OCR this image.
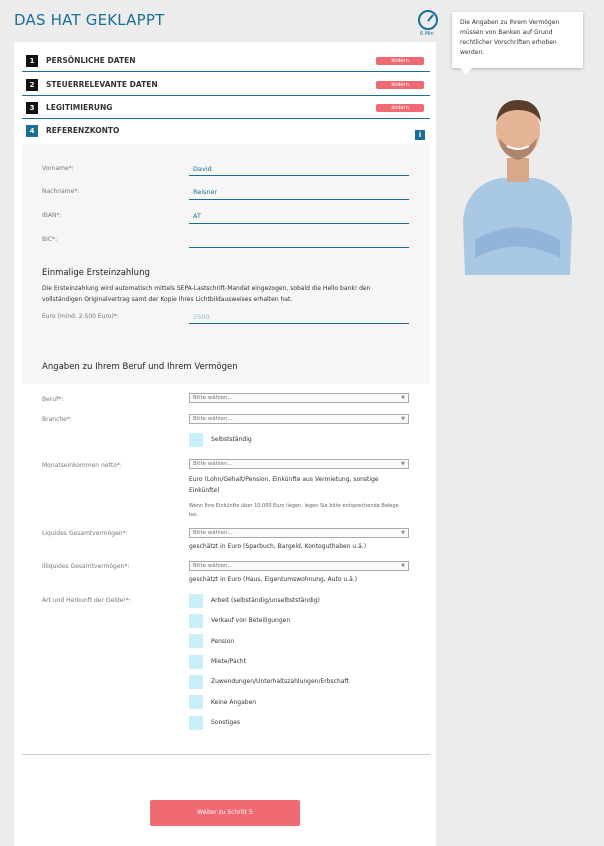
DAS HAT GEKLAPPT
6 Min
1	PERSÖNLICHE DATEN	ändern
2	STEUERRELEVANTE DATEN	ändern
3	LEGITIMIERUNG	ändern
4	REFERENZKONTO	i
Vorname*:	David
Nachname*:	Reisner
IBAN*:	AT
BIC*:
Einmalige Ersteinzahlung
Die Ersteinzahlung wird automatisch mittels SEPA-Lastschrift-Mandat eingezogen, sobald die Hello bank! den
vollständigen Originalvertrag samt der Kopie Ihres Lichtbildausweises erhalten hat.
Euro (mind. 2.500 Euro)*:	2500
Angaben zu Ihrem Beruf und Ihrem Vermögen
Beruf*:	Bitte wählen...	▼
Branche*:	Bitte wählen...	▼
Selbstständig
Monatseinkommen netto*:	Bitte wählen...	▼
Euro (Lohn/Gehalt/Pension, Einkünfte aus Vermietung, sonstige
Einkünfte)
Wenn Ihre Einkünfte über 10.000 Euro liegen, legen Sie bitte entsprechende Belege
bei.
Liquides Gesamtvermögen*:	Bitte wählen...	▼
geschätzt in Euro (Sparbuch, Bargeld, Kontoguthaben u.ä.)
Illiquides Gesamtvermögen*:	Bitte wählen...	▼
geschätzt in Euro (Haus, Eigentumswohnung, Auto u.ä.)
Art und Herkunft der Gelder*:	Arbeit (selbständig/unselbstständig)
Verkauf von Beteiligungen
Pension
Miete/Pacht
Zuwendungen/Unterhaltszahlungen/Erbschaft
Keine Angaben
Sonstiges
Weiter zu Schritt 5
Die Angaben zu Ihrem Vermögen
müssen von Banken auf Grund
rechtlicher Vorschriften erhoben
werden.
